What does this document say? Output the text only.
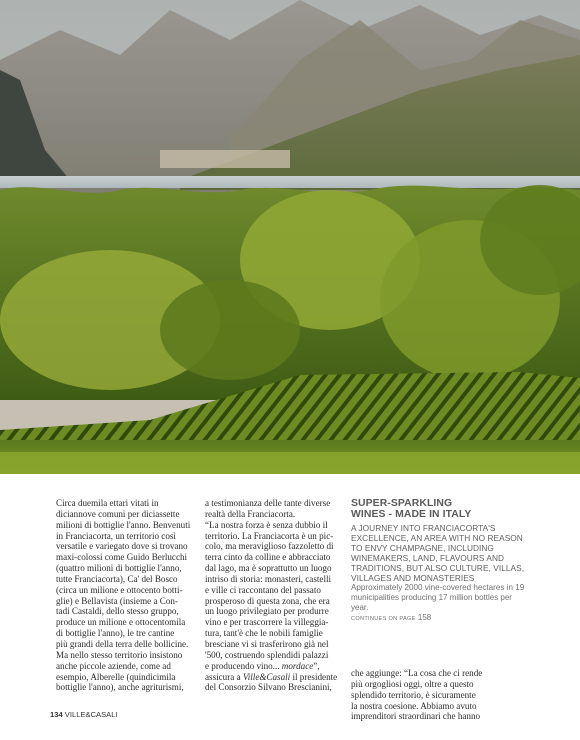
Circa duemila ettari vitati in

diciannove comuni per diciassette

milioni di bottiglie l'anno. Benvenuti

in Franciacorta, un territorio così

versatile e variegato dove si trovano

maxi-colossi come Guido Berlucchi

(quattro milioni di bottiglie l'anno,

tutte Franciacorta), Ca' del Bosco

(circa un milione e ottocento botti-

glie) e Bellavista (insieme a Con-

tadi Castaldi, dello stesso gruppo,

produce un milione e ottocentomila

di bottiglie l'anno), le tre cantine

più grandi della terra delle bollicine.

Ma nello stesso territorio insistono

anche piccole aziende, come ad

esempio, Alberelle (quindicimila

bottiglie l'anno), anche agriturismi,

a testimonianza delle tante diverse

realtà della Franciacorta.

“La nostra forza è senza dubbio il

territorio. La Franciacorta è un pic-

colo, ma meraviglioso fazzoletto di

terra cinto da colline e abbracciato

dal lago, ma è soprattutto un luogo

intriso di storia: monasteri, castelli

e ville ci raccontano del passato

prosperoso di questa zona, che era

un luogo privilegiato per produrre

vino e per trascorrere la villeggia-

tura, tant'è che le nobili famiglie

bresciane vi si trasferirono già nel

'500, costruendo splendidi palazzi

e producendo vino... mordace”,

assicura a Ville&Casali il presidente

del Consorzio Silvano Brescianini,

SUPER-SPARKLING

WINES - MADE IN ITALY

A JOURNEY INTO FRANCIACORTA'S
EXCELLENCE, AN AREA WITH NO REASON
TO ENVY CHAMPAGNE, INCLUDING
WINEMAKERS, LAND, FLAVOURS AND
TRADITIONS, BUT ALSO CULTURE, VILLAS,
VILLAGES AND MONASTERIES

Approximately 2000 vine-covered hectares in 19

municipalities producing 17 million bottles per year.

CONTINUES ON PAGE 158

che aggiunge: “La cosa che ci rende

più orgogliosi oggi, oltre a questo

splendido territorio, è sicuramente

la nostra coesione. Abbiamo avuto

imprenditori straordinari che hanno

134 VILLE&CASALI
